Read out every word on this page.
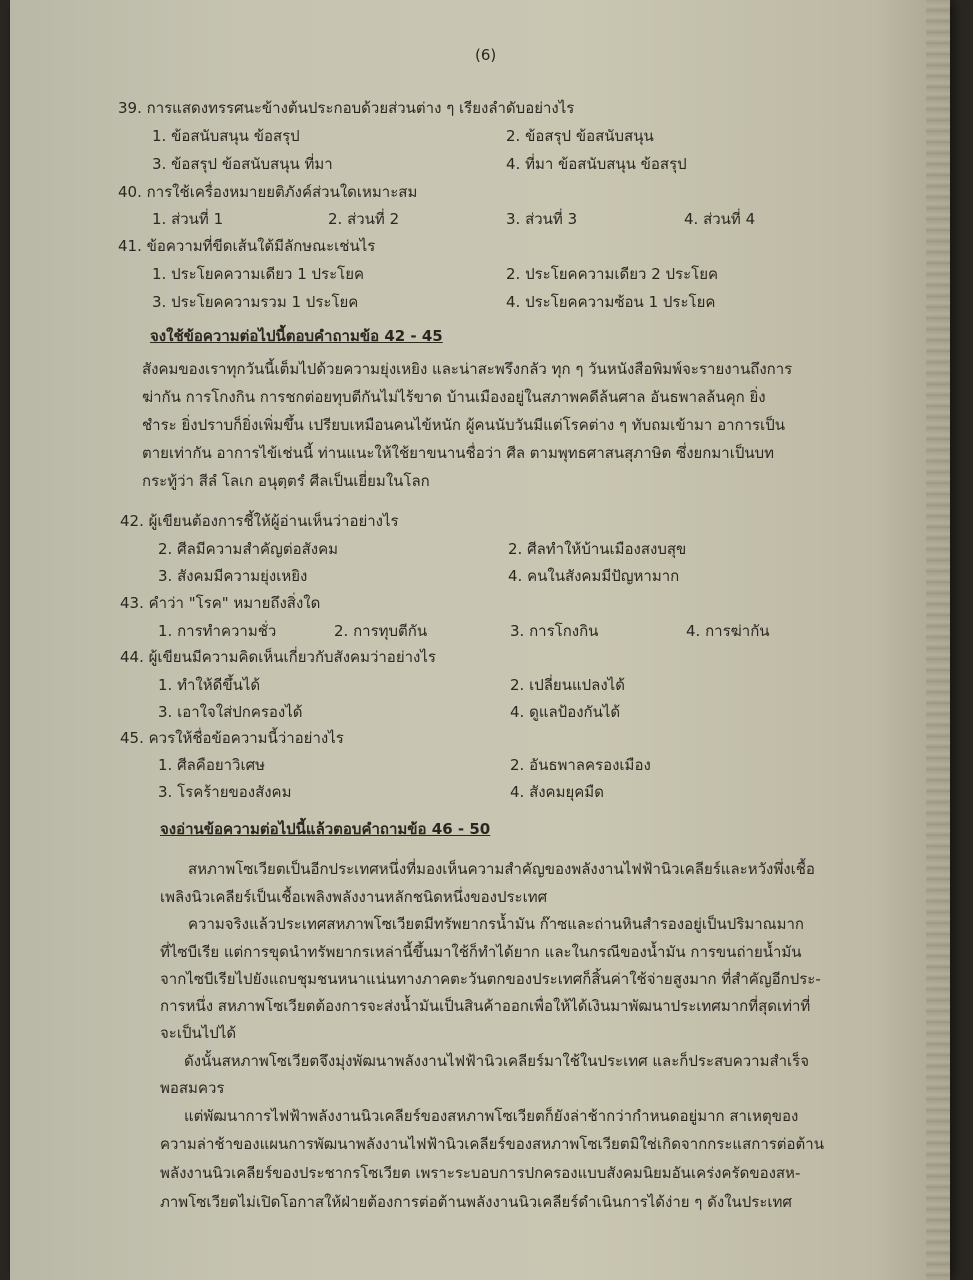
(6)
39. การแสดงทรรศนะข้างต้นประกอบด้วยส่วนต่าง ๆ เรียงลำดับอย่างไร
1. ข้อสนับสนุน ข้อสรุป	2. ข้อสรุป ข้อสนับสนุน
3. ข้อสรุป ข้อสนับสนุน ที่มา	4. ที่มา ข้อสนับสนุน ข้อสรุป
40. การใช้เครื่องหมายยติภังค์ส่วนใดเหมาะสม
1. ส่วนที่ 1	2. ส่วนที่ 2	3. ส่วนที่ 3	4. ส่วนที่ 4
41. ข้อความที่ขีดเส้นใต้มีลักษณะเช่นไร
1. ประโยคความเดียว 1 ประโยค	2. ประโยคความเดียว 2 ประโยค
3. ประโยคความรวม 1 ประโยค	4. ประโยคความซ้อน 1 ประโยค
จงใช้ข้อความต่อไปนี้ตอบคำถามข้อ 42 - 45
สังคมของเราทุกวันนี้เต็มไปด้วยความยุ่งเหยิง และน่าสะพรึงกลัว ทุก ๆ วันหนังสือพิมพ์จะรายงานถึงการ
ฆ่ากัน การโกงกิน การชกต่อยทุบตีกันไม่ไร้ขาด บ้านเมืองอยู่ในสภาพคดีล้นศาล อันธพาลล้นคุก ยิ่ง
ชำระ ยิ่งปราบก็ยิ่งเพิ่มขึ้น เปรียบเหมือนคนไข้หนัก ผู้คนนับวันมีแต่โรคต่าง ๆ ทับถมเข้ามา อาการเป็น
ตายเท่ากัน อาการไข้เช่นนี้ ท่านแนะให้ใช้ยาขนานชื่อว่า ศีล ตามพุทธศาสนสุภาษิต ซึ่งยกมาเป็นบท
กระทู้ว่า สีลํ โลเก อนุตฺตรํ ศีลเป็นเยี่ยมในโลก
42. ผู้เขียนต้องการชี้ให้ผู้อ่านเห็นว่าอย่างไร
2. ศีลมีความสำคัญต่อสังคม	2. ศีลทำให้บ้านเมืองสงบสุข
3. สังคมมีความยุ่งเหยิง	4. คนในสังคมมีปัญหามาก
43. คำว่า "โรค" หมายถึงสิ่งใด
1. การทำความชั่ว	2. การทุบตีกัน	3. การโกงกิน	4. การฆ่ากัน
44. ผู้เขียนมีความคิดเห็นเกี่ยวกับสังคมว่าอย่างไร
1. ทำให้ดีขึ้นได้	2. เปลี่ยนแปลงได้
3. เอาใจใส่ปกครองได้	4. ดูแลป้องกันได้
45. ควรให้ชื่อข้อความนี้ว่าอย่างไร
1. ศีลคือยาวิเศษ	2. อันธพาลครองเมือง
3. โรคร้ายของสังคม	4. สังคมยุคมืด
จงอ่านข้อความต่อไปนี้แล้วตอบคำถามข้อ 46 - 50
สหภาพโซเวียตเป็นอีกประเทศหนึ่งที่มองเห็นความสำคัญของพลังงานไฟฟ้านิวเคลียร์และหวังพึ่งเชื้อ
เพลิงนิวเคลียร์เป็นเชื้อเพลิงพลังงานหลักชนิดหนึ่งของประเทศ
ความจริงแล้วประเทศสหภาพโซเวียตมีทรัพยากรน้ำมัน ก๊าซและถ่านหินสำรองอยู่เป็นปริมาณมาก
ที่ไซบีเรีย แต่การขุดนำทรัพยากรเหล่านี้ขึ้นมาใช้ก็ทำได้ยาก และในกรณีของน้ำมัน การขนถ่ายน้ำมัน
จากไซบีเรียไปยังแถบชุมชนหนาแน่นทางภาคตะวันตกของประเทศก็สิ้นค่าใช้จ่ายสูงมาก ที่สำคัญอีกประ-
การหนึ่ง สหภาพโซเวียตต้องการจะส่งน้ำมันเป็นสินค้าออกเพื่อให้ได้เงินมาพัฒนาประเทศมากที่สุดเท่าที่
จะเป็นไปได้
ดังนั้นสหภาพโซเวียตจึงมุ่งพัฒนาพลังงานไฟฟ้านิวเคลียร์มาใช้ในประเทศ และก็ประสบความสำเร็จ
พอสมควร
แต่พัฒนาการไฟฟ้าพลังงานนิวเคลียร์ของสหภาพโซเวียตก็ยังล่าช้ากว่ากำหนดอยู่มาก สาเหตุของ
ความล่าช้าของแผนการพัฒนาพลังงานไฟฟ้านิวเคลียร์ของสหภาพโซเวียตมิใช่เกิดจากกระแสการต่อต้าน
พลังงานนิวเคลียร์ของประชากรโซเวียต เพราะระบอบการปกครองแบบสังคมนิยมอันเคร่งครัดของสห-
ภาพโซเวียตไม่เปิดโอกาสให้ฝ่ายต้องการต่อต้านพลังงานนิวเคลียร์ดำเนินการได้ง่าย ๆ ดังในประเทศ
